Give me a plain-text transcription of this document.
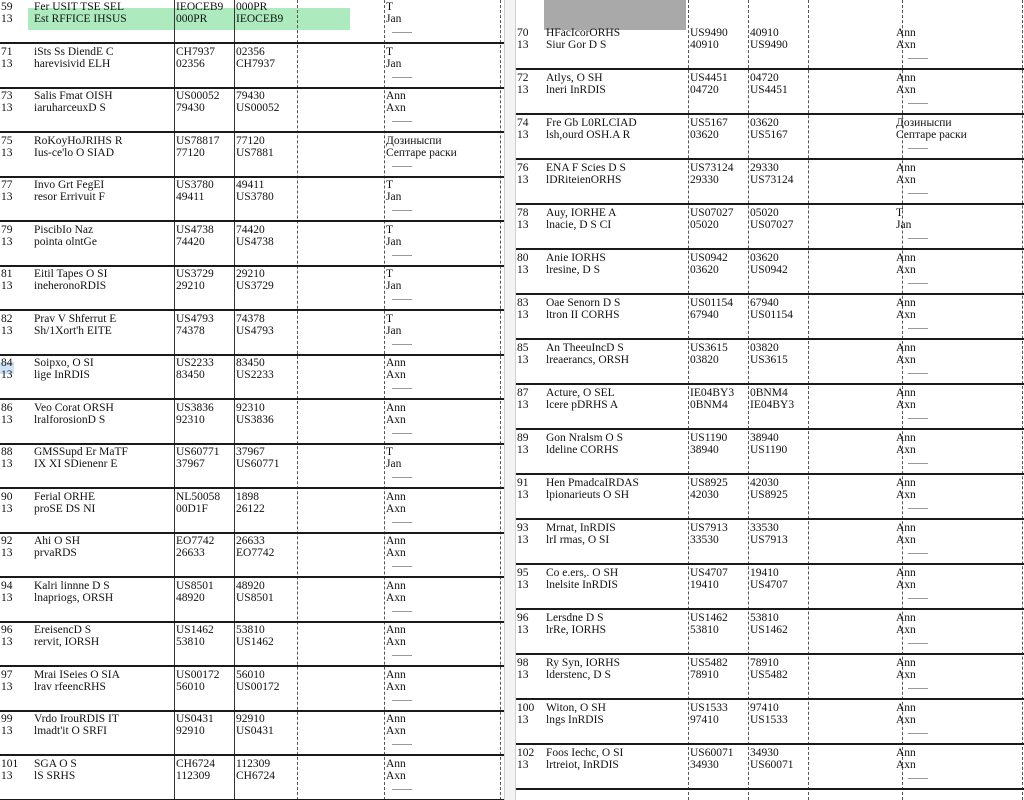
59
13
Fer USIT TSE SEL
Est RFFICE IHSUS
IEOCEB9
000PR
000PR
IEOCEB9
T
Jan
71
13
iSts Ss DiendE C
harevisivid ELH
CH7937
02356
02356
CH7937
T
Jan
73
13
Salis Fmat OISH
iaruharceuxD S
US00052
79430
79430
US00052
Ann
Axn
75
13
RoKoyHoJRIHS R
Ius-ce'lo O SIAD
US78817
77120
77120
US7881
Дозиныспи
Септаре раски
77
13
Invo Grt FegEI
resor Errivuit F
US3780
49411
49411
US3780
T
Jan
79
13
PiscibIo Naz
pointa olntGe
US4738
74420
74420
US4738
T
Jan
81
13
Eitil Tapes O SI
ineheronoRDIS
US3729
29210
29210
US3729
T
Jan
82
13
Prav V Shferrut E
Sh/1Xort'h EITE
US4793
74378
74378
US4793
T
Jan
84
13
Soipxo, O SI
lige InRDIS
US2233
83450
83450
US2233
Ann
Axn
86
13
Veo Corat ORSH
lralforosionD S
US3836
92310
92310
US3836
Ann
Axn
88
13
GMSSupd Er MaTF
IX XI SDienenr E
US60771
37967
37967
US60771
T
Jan
90
13
Ferial ORHE
proSE DS NI
NL50058
00D1F
1898
26122
Ann
Axn
92
13
Ahi O SH
prvaRDS
EO7742
26633
26633
EO7742
Ann
Axn
94
13
Kalri linnne D S
lnapriogs, ORSH
US8501
48920
48920
US8501
Ann
Axn
96
13
EreisencD S
rervit, IORSH
US1462
53810
53810
US1462
Ann
Axn
97
13
Mrai ISeies O SIA
lrav rfeencRHS
US00172
56010
56010
US00172
Ann
Axn
99
13
Vrdo IrouRDIS IT
lmadt'it O SRFI
US0431
92910
92910
US0431
Ann
Axn
101
13
SGA O S
lS SRHS
CH6724
112309
112309
CH6724
Ann
Axn
70
13
HFacIcorORHS
Siur Gor D S
US9490
40910
40910
US9490
Ann
Axn
72
13
Atlys, O SH
lneri InRDIS
US4451
04720
04720
US4451
Ann
Axn
74
13
Fre Gb L0RLCIAD
lsh,ourd OSH.A R
US5167
03620
03620
US5167
Дозиныспи
Септаре раски
76
13
ENA F Scies D S
lDRiteienORHS
US73124
29330
29330
US73124
Ann
Axn
78
13
Auy, IORHE A
lnacie, D S CI
US07027
05020
05020
US07027
T
Jan
80
13
Anie IORHS
lresine, D S
US0942
03620
03620
US0942
Ann
Axn
83
13
Oae Senorn D S
ltron II CORHS
US01154
67940
67940
US01154
Ann
Axn
85
13
An TheeuIncD S
lreaerancs, ORSH
US3615
03820
03820
US3615
Ann
Axn
87
13
Acture, O SEL
lcere pDRHS A
IE04BY3
0BNM4
0BNM4
IE04BY3
Ann
Axn
89
13
Gon Nralsm O S
ldeline CORHS
US1190
38940
38940
US1190
Ann
Axn
91
13
Hen PmadcaIRDAS
lpionarieuts O SH
US8925
42030
42030
US8925
Ann
Axn
93
13
Mrnat, InRDIS
lrI rmas, O SI
US7913
33530
33530
US7913
Ann
Axn
95
13
Co e.ers,. O SH
lnelsite InRDIS
US4707
19410
19410
US4707
Ann
Axn
96
13
Lersdne D S
lrRe, IORHS
US1462
53810
53810
US1462
Ann
Axn
98
13
Ry Syn, IORHS
lderstenc, D S
US5482
78910
78910
US5482
Ann
Axn
100
13
Witon, O SH
lngs InRDIS
US1533
97410
97410
US1533
Ann
Axn
102
13
Foos Iechc, O SI
lrtreiot, InRDIS
US60071
34930
34930
US60071
Ann
Axn
